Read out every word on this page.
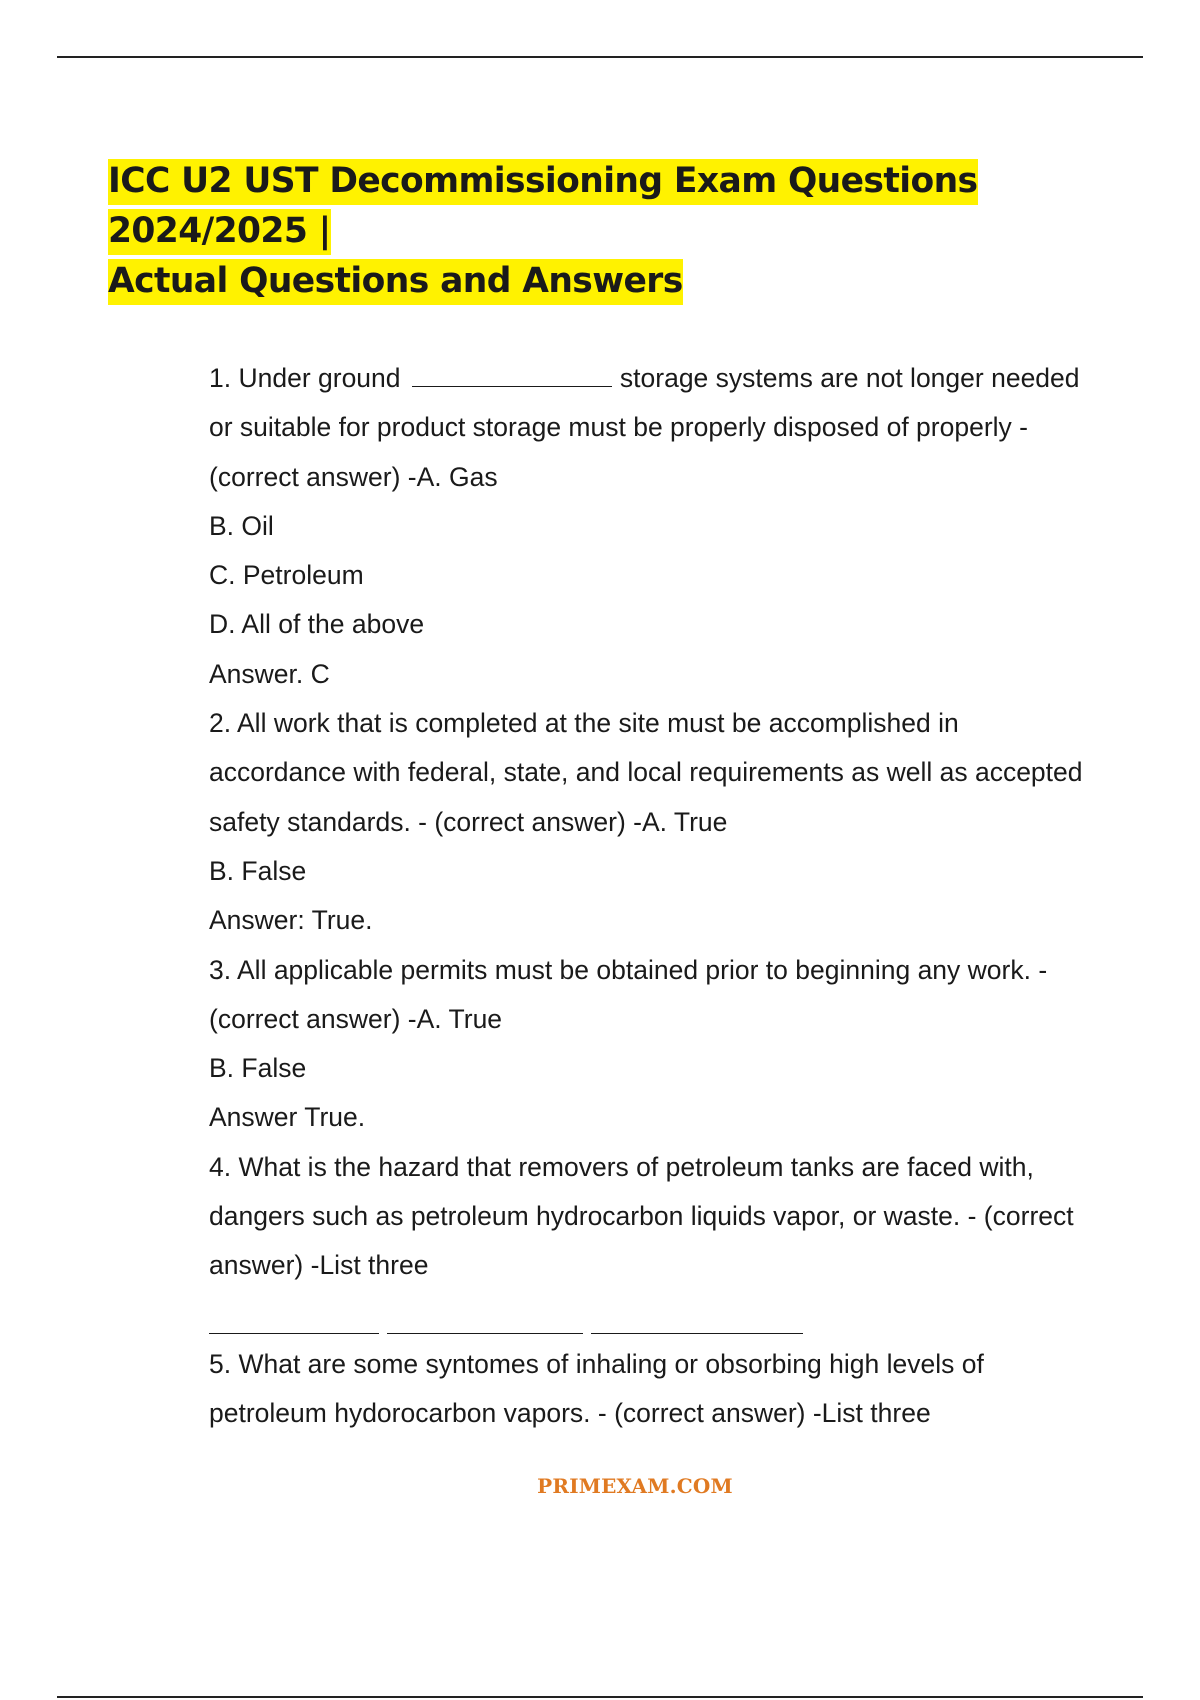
ICC U2 UST Decommissioning Exam Questions 2024/2025 |
Actual Questions and Answers
1. Under ground	storage systems are not longer needed
or suitable for product storage must be properly disposed of properly -
(correct answer) -A. Gas
B. Oil
C. Petroleum
D. All of the above
Answer. C
2. All work that is completed at the site must be accomplished in
accordance with federal, state, and local requirements as well as accepted
safety standards. - (correct answer) -A. True
B. False
Answer: True.
3. All applicable permits must be obtained prior to beginning any work. -
(correct answer) -A. True
B. False
Answer True.
4. What is the hazard that removers of petroleum tanks are faced with,
dangers such as petroleum hydrocarbon liquids vapor, or waste. - (correct
answer) -List three
5. What are some syntomes of inhaling or obsorbing high levels of
petroleum hydorocarbon vapors. - (correct answer) -List three
PRIMEXAM.COM
